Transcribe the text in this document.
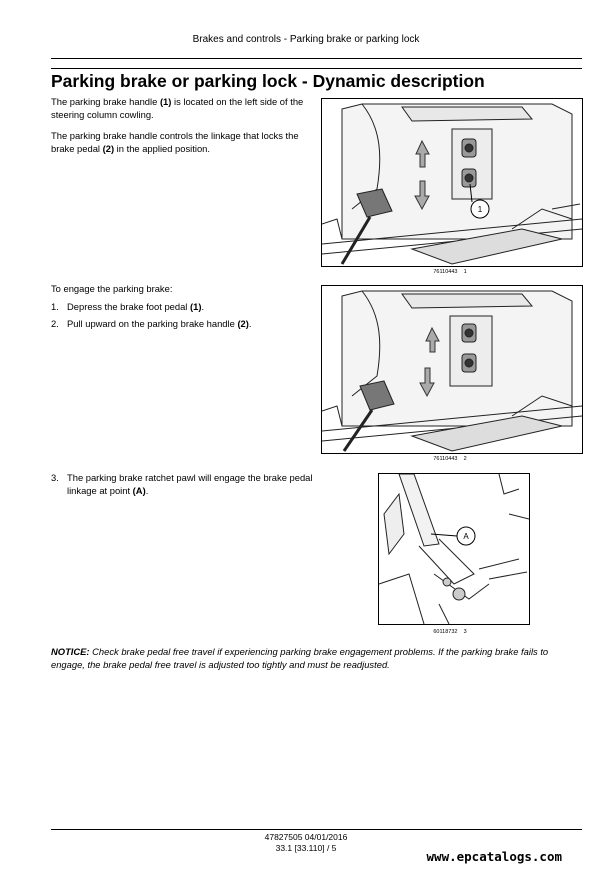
Brakes and controls - Parking brake or parking lock
Parking brake or parking lock - Dynamic description
The parking brake handle (1) is located on the left side of the steering column cowling.
The parking brake handle controls the linkage that locks the brake pedal (2) in the applied position.
1
76110443 1
To engage the parking brake:
1. Depress the brake foot pedal (1).
2. Pull upward on the parking brake handle (2).
76110443 2
3. The parking brake ratchet pawl will engage the brake pedal linkage at point (A).
A
60118732 3
NOTICE: Check brake pedal free travel if experiencing parking brake engagement problems. If the parking brake fails to engage, the brake pedal free travel is adjusted too tightly and must be readjusted.
47827505 04/01/2016
33.1 [33.110] / 5
www.epcatalogs.com
